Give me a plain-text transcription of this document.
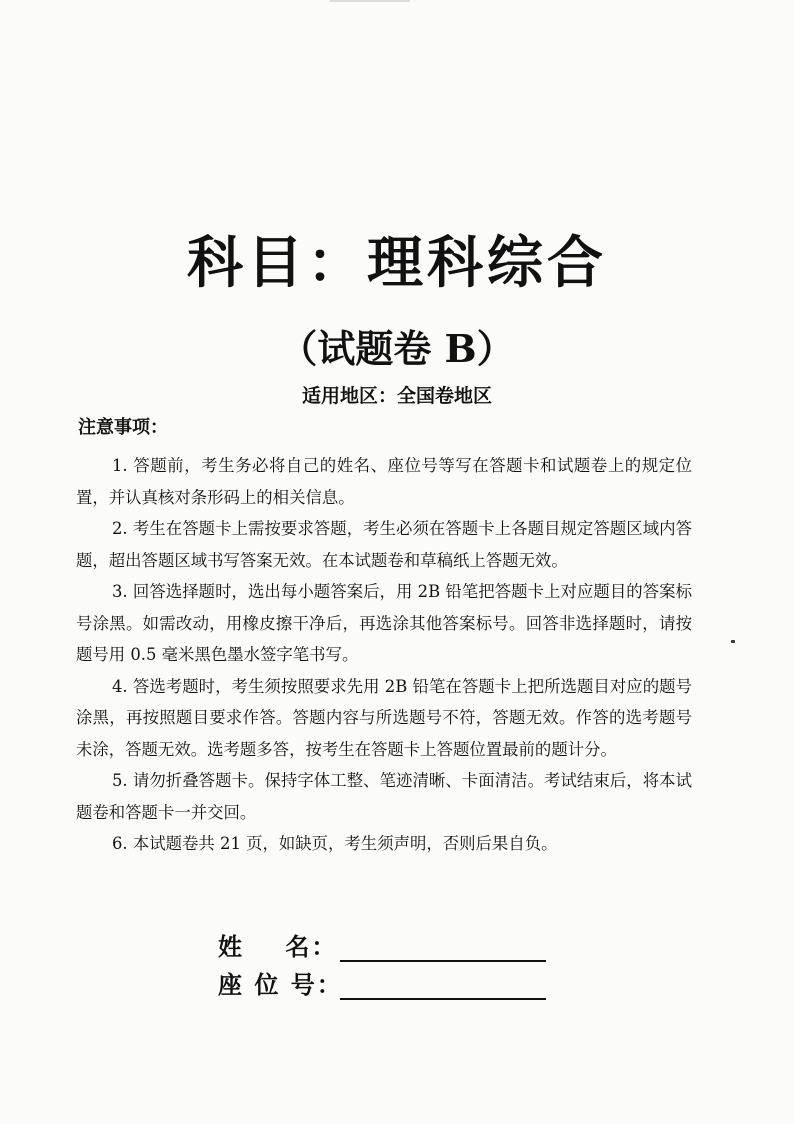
科目：理科综合
（试题卷 B）
适用地区：全国卷地区
注意事项：

1. 答题前，考生务必将自己的姓名、座位号等写在答题卡和试题卷上的规定位置，并认真核对条形码上的相关信息。

2. 考生在答题卡上需按要求答题，考生必须在答题卡上各题目规定答题区域内答题，超出答题区域书写答案无效。在本试题卷和草稿纸上答题无效。

3. 回答选择题时，选出每小题答案后，用 2B 铅笔把答题卡上对应题目的答案标号涂黑。如需改动，用橡皮擦干净后，再选涂其他答案标号。回答非选择题时，请按题号用 0.5 毫米黑色墨水签字笔书写。

4. 答选考题时，考生须按照要求先用 2B 铅笔在答题卡上把所选题目对应的题号涂黑，再按照题目要求作答。答题内容与所选题号不符，答题无效。作答的选考题号未涂，答题无效。选考题多答，按考生在答题卡上答题位置最前的题计分。

5. 请勿折叠答题卡。保持字体工整、笔迹清晰、卡面清洁。考试结束后，将本试题卷和答题卡一并交回。

6. 本试题卷共 21 页，如缺页，考生须声明，否则后果自负。

姓    名：
座 位 号：
